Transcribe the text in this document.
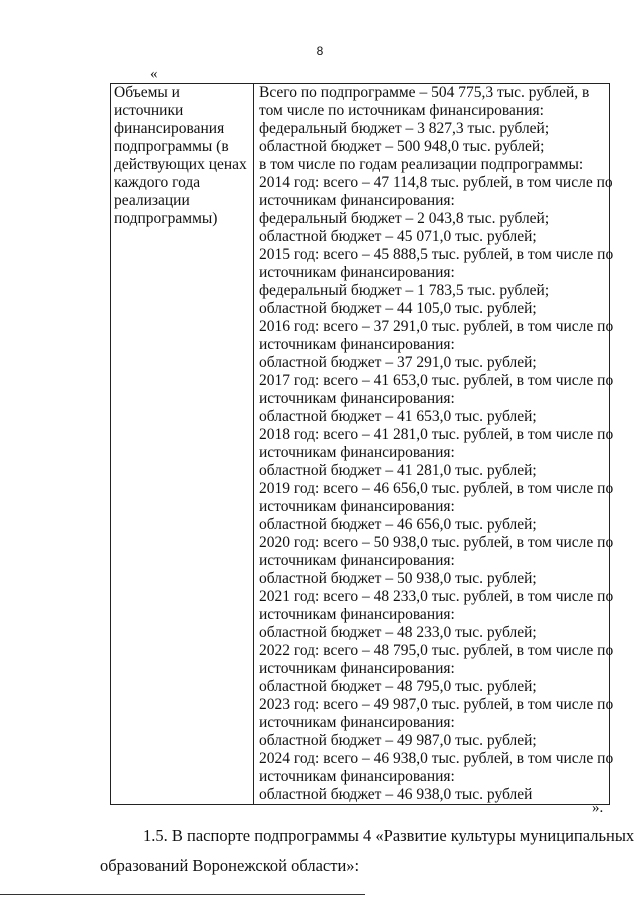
8
«
Объемы и
источники
финансирования
подпрограммы (в
действующих ценах
каждого года
реализации
подпрограммы)
Всего по подпрограмме – 504 775,3 тыс. рублей, в
том числе по источникам финансирования:
федеральный бюджет – 3 827,3 тыс. рублей;
областной бюджет – 500 948,0 тыс. рублей;
в том числе по годам реализации подпрограммы:
2014 год: всего – 47 114,8 тыс. рублей, в том числе по
источникам финансирования:
федеральный бюджет – 2 043,8 тыс. рублей;
областной бюджет – 45 071,0 тыс. рублей;
2015 год: всего – 45 888,5 тыс. рублей, в том числе по
источникам финансирования:
федеральный бюджет – 1 783,5 тыс. рублей;
областной бюджет – 44 105,0 тыс. рублей;
2016 год: всего – 37 291,0 тыс. рублей, в том числе по
источникам финансирования:
областной бюджет – 37 291,0 тыс. рублей;
2017 год: всего – 41 653,0 тыс. рублей, в том числе по
источникам финансирования:
областной бюджет – 41 653,0 тыс. рублей;
2018 год: всего – 41 281,0 тыс. рублей, в том числе по
источникам финансирования:
областной бюджет – 41 281,0 тыс. рублей;
2019 год: всего – 46 656,0 тыс. рублей, в том числе по
источникам финансирования:
областной бюджет – 46 656,0 тыс. рублей;
2020 год: всего – 50 938,0 тыс. рублей, в том числе по
источникам финансирования:
областной бюджет – 50 938,0 тыс. рублей;
2021 год: всего – 48 233,0 тыс. рублей, в том числе по
источникам финансирования:
областной бюджет – 48 233,0 тыс. рублей;
2022 год: всего – 48 795,0 тыс. рублей, в том числе по
источникам финансирования:
областной бюджет – 48 795,0 тыс. рублей;
2023 год: всего – 49 987,0 тыс. рублей, в том числе по
источникам финансирования:
областной бюджет – 49 987,0 тыс. рублей;
2024 год: всего – 46 938,0 тыс. рублей, в том числе по
источникам финансирования:
областной бюджет – 46 938,0 тыс. рублей
».
1.5. В паспорте подпрограммы 4 «Развитие культуры муниципальных
образований Воронежской области»:
